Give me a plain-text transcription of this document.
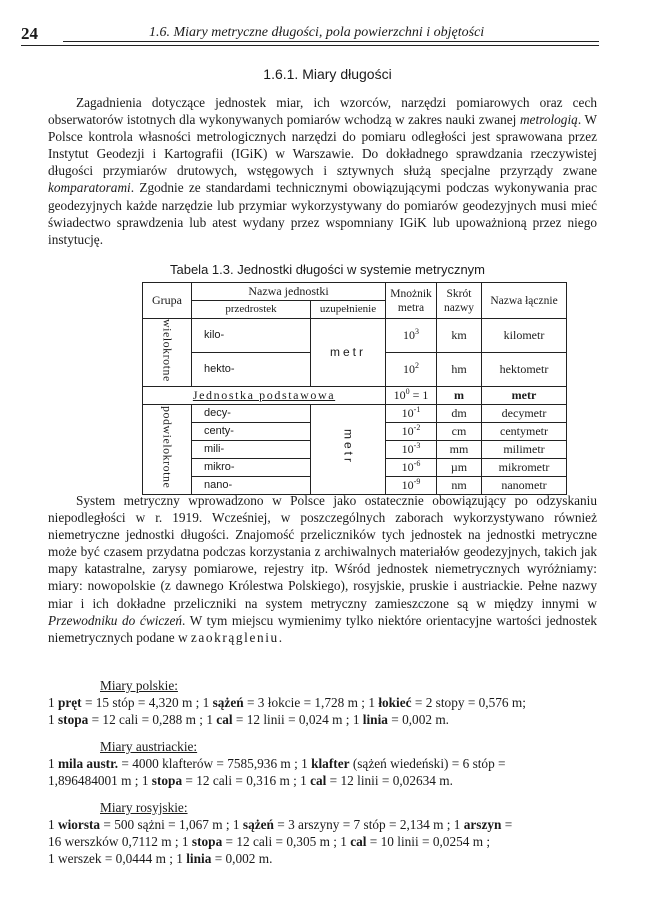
24	1.6. Miary metryczne długości, pola powierzchni i objętości
1.6.1. Miary długości

Zagadnienia dotyczące jednostek miar, ich wzorców, narzędzi pomiarowych oraz cech obserwatorów istotnych dla wykonywanych pomiarów wchodzą w zakres nauki zwanej metrologią. W Polsce kontrola własności metrologicznych narzędzi do pomiaru odległości jest sprawowana przez Instytut Geodezji i Kartografii (IGiK) w Warszawie. Do dokładnego sprawdzania rzeczywistej długości przymiarów drutowych, wstęgowych i sztywnych służą specjalne przyrządy zwane komparatorami. Zgodnie ze standardami technicznymi obowiązującymi podczas wykonywania prac geodezyjnych każde narzędzie lub przymiar wykorzystywany do pomiarów geodezyjnych musi mieć świadectwo sprawdzenia lub atest wydany przez wspomniany IGiK lub upoważnioną przez niego instytucję.

Tabela 1.3. Jednostki długości w systemie metrycznym
Grupa	Nazwa jednostki		Mnożnik metra	Skrót nazwy	Nazwa łącznie
	przedrostek	uzupełnienie			
wielokrotne	kilo-	metr	$10^3$	km	kilometr
	hekto-		$10^2$	hm	hektometr
Jednostka podstawowa			$10^0 = 1$	m	metr
podwielokrotne	decy-	metr	$10^{-1}$	dm	decymetr
	centy-		$10^{-2}$	cm	centymetr
	mili-		$10^{-3}$	mm	milimetr
	mikro-		$10^{-6}$	µm	mikrometr
	nano-		$10^{-9}$	nm	nanometr

System metryczny wprowadzono w Polsce jako ostatecznie obowiązujący po odzyskaniu niepodległości w r. 1919. Wcześniej, w poszczególnych zaborach wykorzystywano również niemetryczne jednostki długości. Znajomość przeliczników tych jednostek na jednostki metryczne może być czasem przydatna podczas korzystania z archiwalnych materiałów geodezyjnych, takich jak mapy katastralne, zarysy pomiarowe, rejestry itp. Wśród jednostek niemetrycznych wyróżniamy: miary: nowopolskie (z dawnego Królestwa Polskiego), rosyjskie, pruskie i austriackie. Pełne nazwy miar i ich dokładne przeliczniki na system metryczny zamieszczone są w między innymi w Przewodniku do ćwiczeń. W tym miejscu wymienimy tylko niektóre orientacyjne wartości jednostek niemetrycznych podane w zaokrągleniu.

Miary polskie:
1 pręt = 15 stóp = 4,320 m ; 1 sążeń = 3 łokcie = 1,728 m ; 1 łokieć = 2 stopy = 0,576 m;
1 stopa = 12 cali = 0,288 m ; 1 cal = 12 linii = 0,024 m ; 1 linia = 0,002 m.
Miary austriackie:
1 mila austr. = 4000 klafterów = 7585,936 m ; 1 klafter (sążeń wiedeński) = 6 stóp =
1,896484001 m ; 1 stopa = 12 cali = 0,316 m ; 1 cal = 12 linii = 0,02634 m.
Miary rosyjskie:
1 wiorsta = 500 sążni = 1,067 m ; 1 sążeń = 3 arszyny = 7 stóp = 2,134 m ; 1 arszyn =
16 werszków 0,7112 m ; 1 stopa = 12 cali = 0,305 m ; 1 cal = 10 linii = 0,0254 m ;
1 werszek = 0,0444 m ; 1 linia = 0,002 m.
